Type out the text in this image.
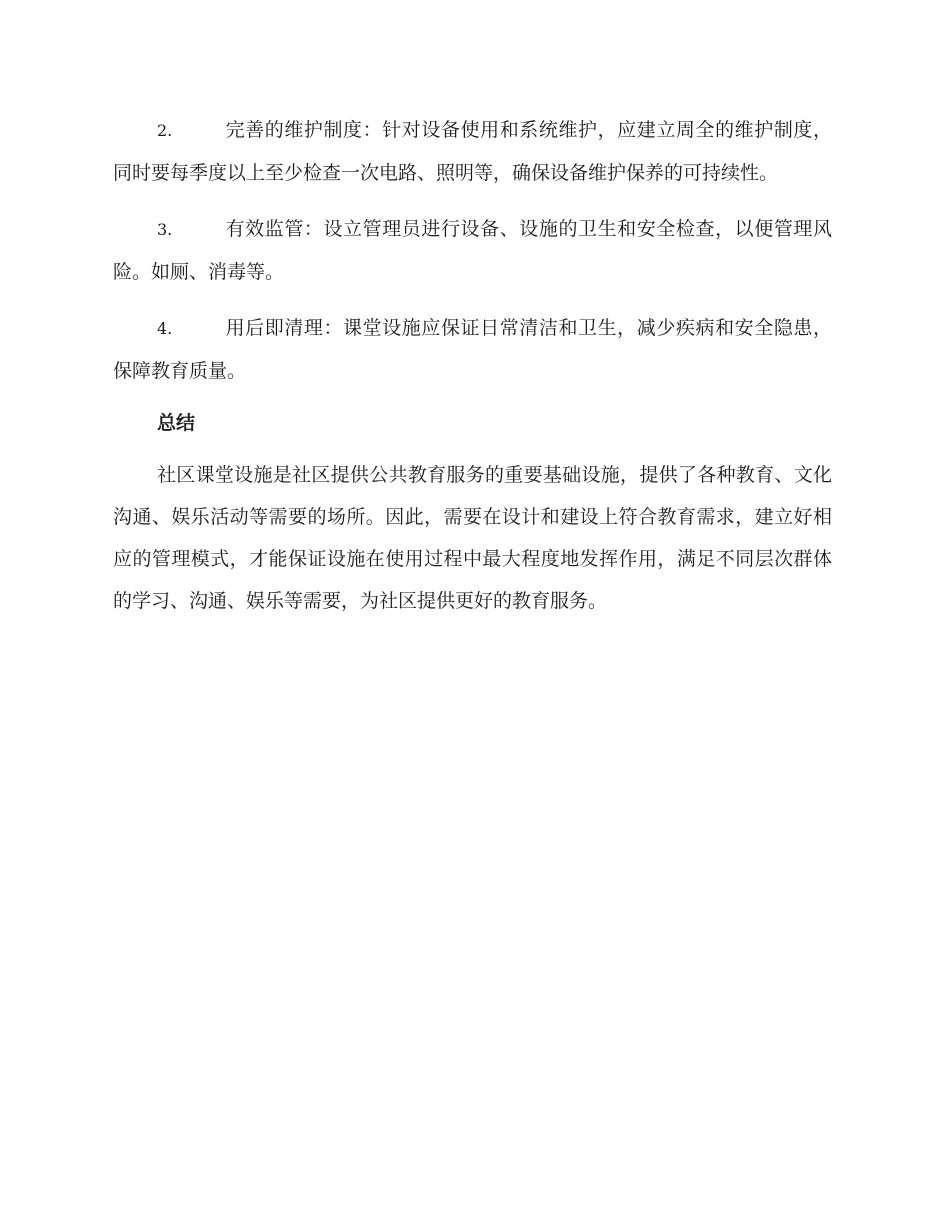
2.	完善的维护制度：针对设备使用和系统维护，应建立周全的维护制度，同时要每季度以上至少检查一次电路、照明等，确保设备维护保养的可持续性。

3.	有效监管：设立管理员进行设备、设施的卫生和安全检查，以便管理风险。如厕、消毒等。

4.	用后即清理：课堂设施应保证日常清洁和卫生，减少疾病和安全隐患，保障教育质量。

总结

社区课堂设施是社区提供公共教育服务的重要基础设施，提供了各种教育、文化沟通、娱乐活动等需要的场所。因此，需要在设计和建设上符合教育需求，建立好相应的管理模式，才能保证设施在使用过程中最大程度地发挥作用，满足不同层次群体的学习、沟通、娱乐等需要，为社区提供更好的教育服务。
